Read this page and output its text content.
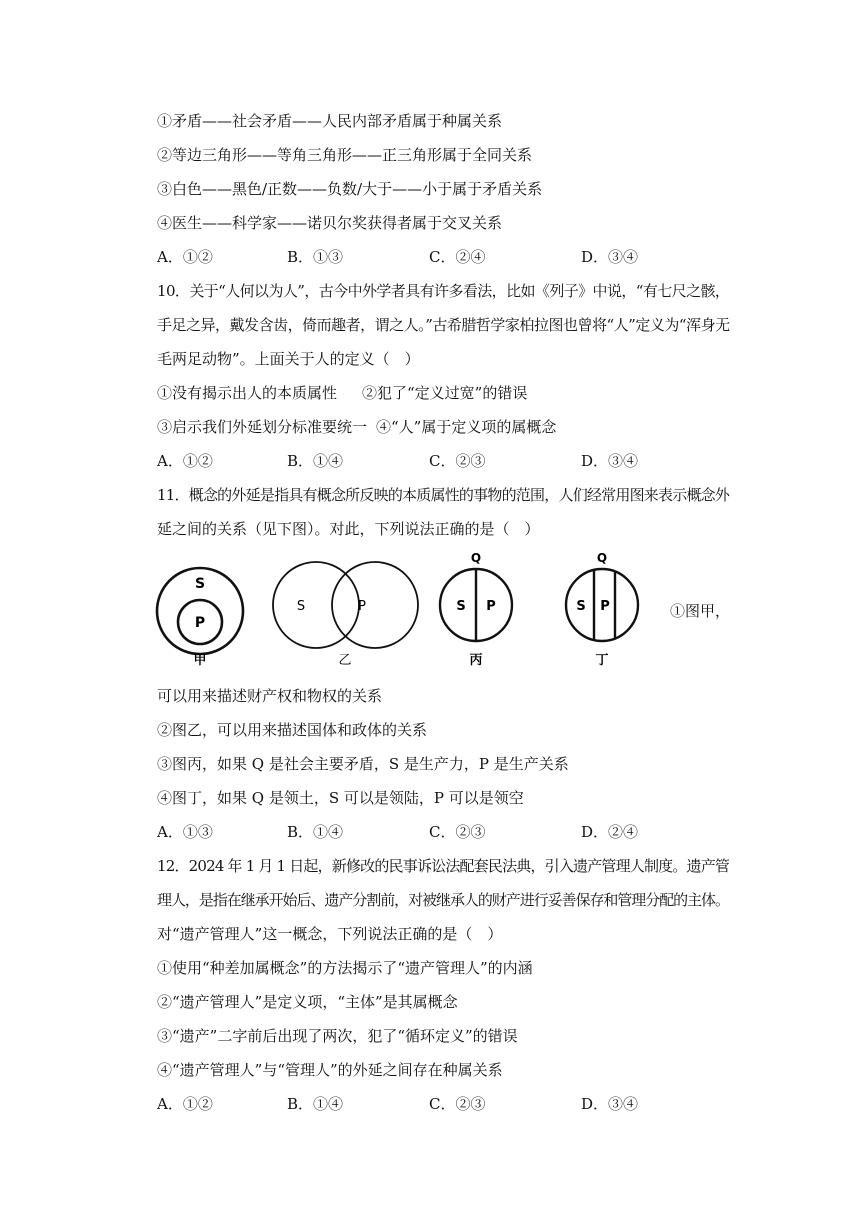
①矛盾——社会矛盾——人民内部矛盾属于种属关系
②等边三角形——等角三角形——正三角形属于全同关系
③白色——黑色/正数——负数/大于——小于属于矛盾关系
④医生——科学家——诺贝尔奖获得者属于交叉关系
A．①②	B．①③	C．②④	D．③④
10．关于“人何以为人”，古今中外学者具有许多看法，比如《列子》中说，“有七尺之骸，
手足之异，戴发含齿，倚而趣者，谓之人。”古希腊哲学家柏拉图也曾将“人”定义为“浑身无
毛两足动物”。上面关于人的定义（　）
①没有揭示出人的本质属性 ②犯了“定义过宽”的错误
③启示我们外延划分标准要统一 ④“人”属于定义项的属概念
A．①②	B．①④	C．②③	D．③④
11．概念的外延是指具有概念所反映的本质属性的事物的范围，人们经常用图来表示概念外
延之间的关系（见下图）。对此，下列说法正确的是（　）
S
P
甲
S	P
乙
Q
S P
丙
Q
S P
丁
①图甲，
可以用来描述财产权和物权的关系
②图乙，可以用来描述国体和政体的关系
③图丙，如果 Q 是社会主要矛盾，S 是生产力，P 是生产关系
④图丁，如果 Q 是领土，S 可以是领陆，P 可以是领空
A．①③	B．①④	C．②③	D．②④
12．2024 年 1 月 1 日起，新修改的民事诉讼法配套民法典，引入遗产管理人制度。遗产管
理人，是指在继承开始后、遗产分割前，对被继承人的财产进行妥善保存和管理分配的主体。
对“遗产管理人”这一概念，下列说法正确的是（　）
①使用“种差加属概念”的方法揭示了“遗产管理人”的内涵
②“遗产管理人”是定义项，“主体”是其属概念
③“遗产”二字前后出现了两次，犯了“循环定义”的错误
④“遗产管理人”与“管理人”的外延之间存在种属关系
A．①②	B．①④	C．②③	D．③④
